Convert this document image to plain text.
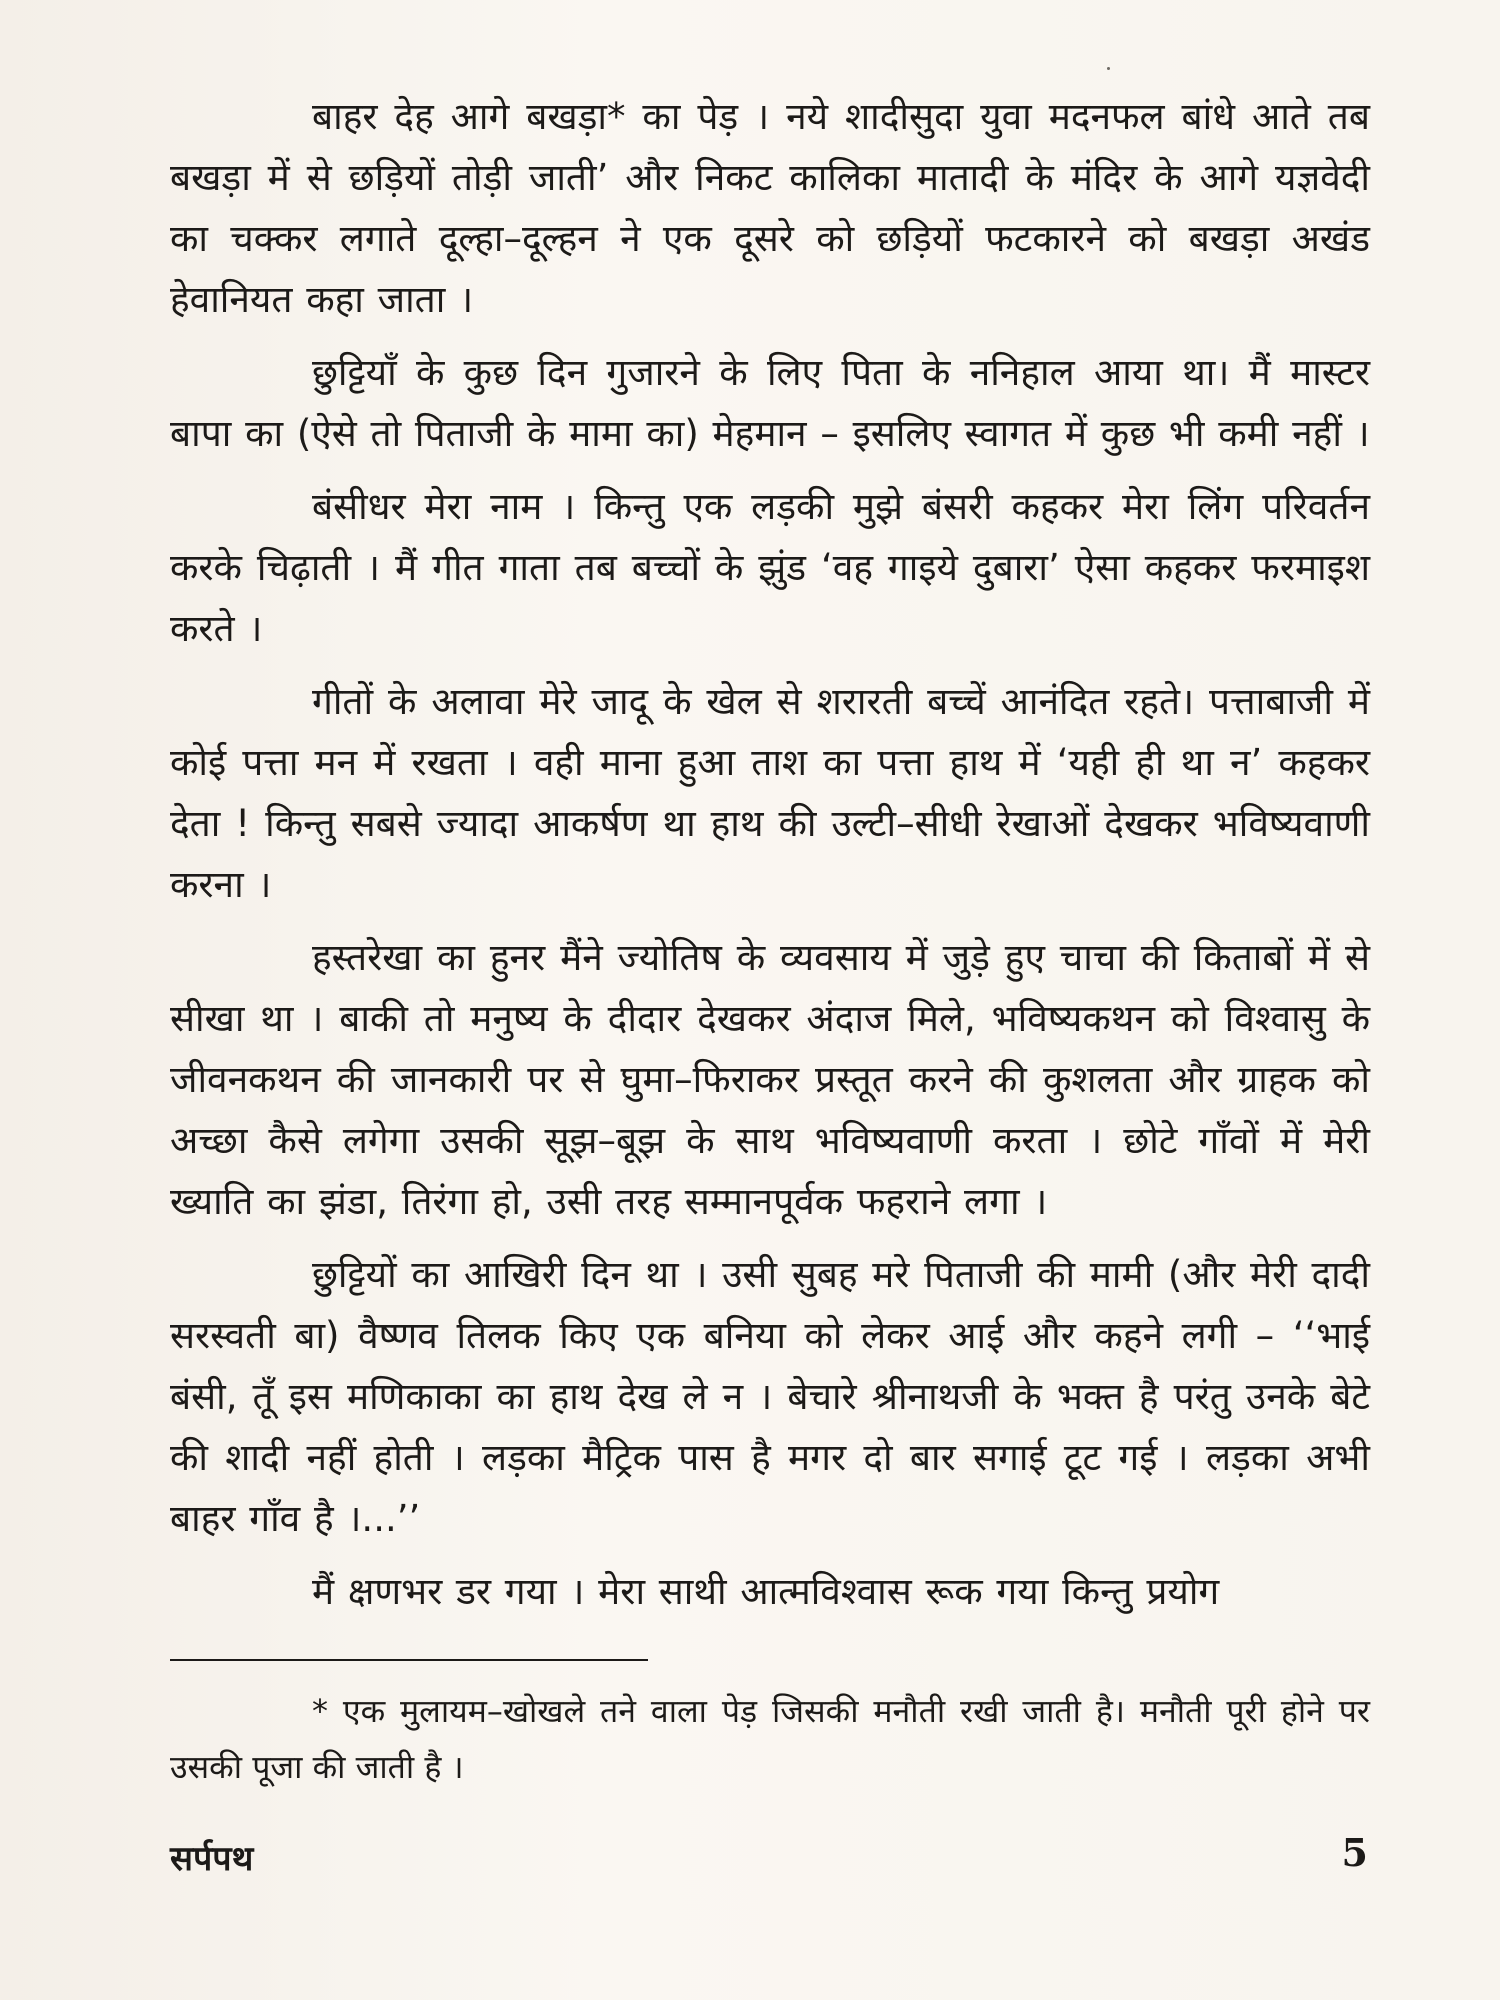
बाहर देह आगे बखड़ा* का पेड़ । नये शादीसुदा युवा मदनफल बांधे आते तब बखड़ा में से छड़ियों तोड़ी जाती’ और निकट कालिका मातादी के मंदिर के आगे यज्ञवेदी का चक्कर लगाते दूल्हा–दूल्हन ने एक दूसरे को छड़ियों फटकारने को बखड़ा अखंड हेवानियत कहा जाता ।

छुट्टियाँ के कुछ दिन गुजारने के लिए पिता के ननिहाल आया था। मैं मास्टर बापा का (ऐसे तो पिताजी के मामा का) मेहमान – इसलिए स्वागत में कुछ भी कमी नहीं ।

बंसीधर मेरा नाम । किन्तु एक लड़की मुझे बंसरी कहकर मेरा लिंग परिवर्तन करके चिढ़ाती । मैं गीत गाता तब बच्चों के झुंड ‘वह गाइये दुबारा’ ऐसा कहकर फरमाइश करते ।

गीतों के अलावा मेरे जादू के खेल से शरारती बच्चें आनंदित रहते। पत्ताबाजी में कोई पत्ता मन में रखता । वही माना हुआ ताश का पत्ता हाथ में ‘यही ही था न’ कहकर देता ! किन्तु सबसे ज्यादा आकर्षण था हाथ की उल्टी–सीधी रेखाओं देखकर भविष्यवाणी करना ।

हस्तरेखा का हुनर मैंने ज्योतिष के व्यवसाय में जुड़े हुए चाचा की किताबों में से सीखा था । बाकी तो मनुष्य के दीदार देखकर अंदाज मिले, भविष्यकथन को विश्वासु के जीवनकथन की जानकारी पर से घुमा–फिराकर प्रस्तूत करने की कुशलता और ग्राहक को अच्छा कैसे लगेगा उसकी सूझ–बूझ के साथ भविष्यवाणी करता । छोटे गाँवों में मेरी ख्याति का झंडा, तिरंगा हो, उसी तरह सम्मानपूर्वक फहराने लगा ।

छुट्टियों का आखिरी दिन था । उसी सुबह मरे पिताजी की मामी (और मेरी दादी सरस्वती बा) वैष्णव तिलक किए एक बनिया को लेकर आई और कहने लगी – ‘‘भाई बंसी, तूँ इस मणिकाका का हाथ देख ले न । बेचारे श्रीनाथजी के भक्त है परंतु उनके बेटे की शादी नहीं होती । लड़का मैट्रिक पास है मगर दो बार सगाई टूट गई । लड़का अभी बाहर गाँव है ।...’’

मैं क्षणभर डर गया । मेरा साथी आत्मविश्वास रूक गया किन्तु प्रयोग

* एक मुलायम–खोखले तने वाला पेड़ जिसकी मनौती रखी जाती है। मनौती पूरी होने पर उसकी पूजा की जाती है ।

सर्पपथ	5
